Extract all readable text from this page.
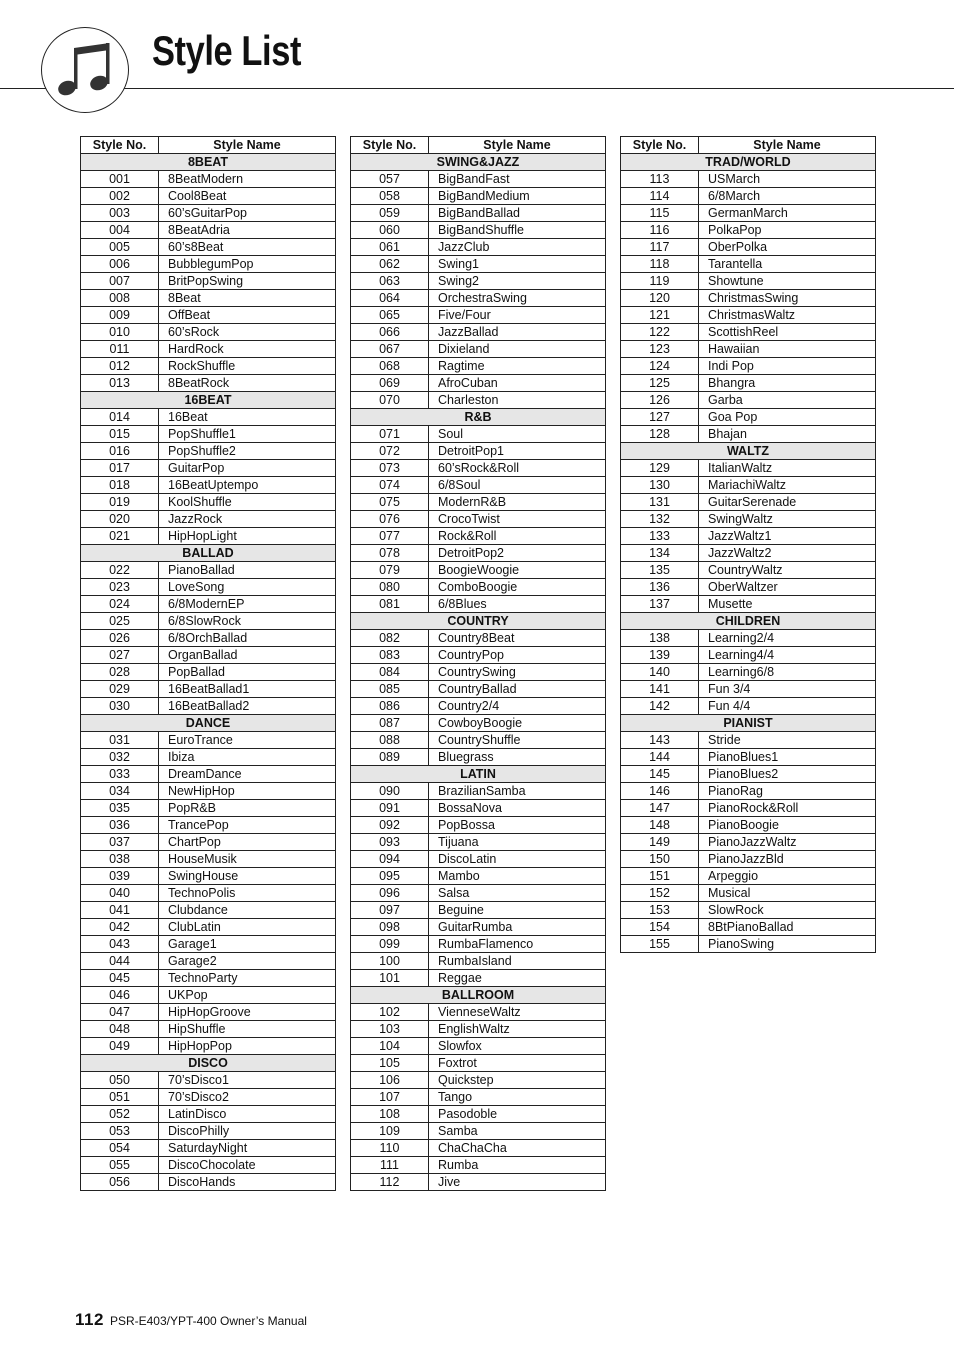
Style List
Style No.	Style Name
8BEAT	
001	8BeatModern
002	Cool8Beat
003	60’sGuitarPop
004	8BeatAdria
005	60’s8Beat
006	BubblegumPop
007	BritPopSwing
008	8Beat
009	OffBeat
010	60’sRock
011	HardRock
012	RockShuffle
013	8BeatRock
16BEAT	
014	16Beat
015	PopShuffle1
016	PopShuffle2
017	GuitarPop
018	16BeatUptempo
019	KoolShuffle
020	JazzRock
021	HipHopLight
BALLAD	
022	PianoBallad
023	LoveSong
024	6/8ModernEP
025	6/8SlowRock
026	6/8OrchBallad
027	OrganBallad
028	PopBallad
029	16BeatBallad1
030	16BeatBallad2
DANCE	
031	EuroTrance
032	Ibiza
033	DreamDance
034	NewHipHop
035	PopR&B
036	TrancePop
037	ChartPop
038	HouseMusik
039	SwingHouse
040	TechnoPolis
041	Clubdance
042	ClubLatin
043	Garage1
044	Garage2
045	TechnoParty
046	UKPop
047	HipHopGroove
048	HipShuffle
049	HipHopPop
DISCO	
050	70’sDisco1
051	70’sDisco2
052	LatinDisco
053	DiscoPhilly
054	SaturdayNight
055	DiscoChocolate
056	DiscoHands
Style No.	Style Name
SWING&JAZZ	
057	BigBandFast
058	BigBandMedium
059	BigBandBallad
060	BigBandShuffle
061	JazzClub
062	Swing1
063	Swing2
064	OrchestraSwing
065	Five/Four
066	JazzBallad
067	Dixieland
068	Ragtime
069	AfroCuban
070	Charleston
R&B	
071	Soul
072	DetroitPop1
073	60’sRock&Roll
074	6/8Soul
075	ModernR&B
076	CrocoTwist
077	Rock&Roll
078	DetroitPop2
079	BoogieWoogie
080	ComboBoogie
081	6/8Blues
COUNTRY	
082	Country8Beat
083	CountryPop
084	CountrySwing
085	CountryBallad
086	Country2/4
087	CowboyBoogie
088	CountryShuffle
089	Bluegrass
LATIN	
090	BrazilianSamba
091	BossaNova
092	PopBossa
093	Tijuana
094	DiscoLatin
095	Mambo
096	Salsa
097	Beguine
098	GuitarRumba
099	RumbaFlamenco
100	RumbaIsland
101	Reggae
BALLROOM	
102	VienneseWaltz
103	EnglishWaltz
104	Slowfox
105	Foxtrot
106	Quickstep
107	Tango
108	Pasodoble
109	Samba
110	ChaChaCha
111	Rumba
112	Jive
Style No.	Style Name
TRAD/WORLD	
113	USMarch
114	6/8March
115	GermanMarch
116	PolkaPop
117	OberPolka
118	Tarantella
119	Showtune
120	ChristmasSwing
121	ChristmasWaltz
122	ScottishReel
123	Hawaiian
124	Indi Pop
125	Bhangra
126	Garba
127	Goa Pop
128	Bhajan
WALTZ	
129	ItalianWaltz
130	MariachiWaltz
131	GuitarSerenade
132	SwingWaltz
133	JazzWaltz1
134	JazzWaltz2
135	CountryWaltz
136	OberWaltzer
137	Musette
CHILDREN	
138	Learning2/4
139	Learning4/4
140	Learning6/8
141	Fun 3/4
142	Fun 4/4
PIANIST	
143	Stride
144	PianoBlues1
145	PianoBlues2
146	PianoRag
147	PianoRock&Roll
148	PianoBoogie
149	PianoJazzWaltz
150	PianoJazzBld
151	Arpeggio
152	Musical
153	SlowRock
154	8BtPianoBallad
155	PianoSwing
112 PSR-E403/YPT-400 Owner’s Manual
